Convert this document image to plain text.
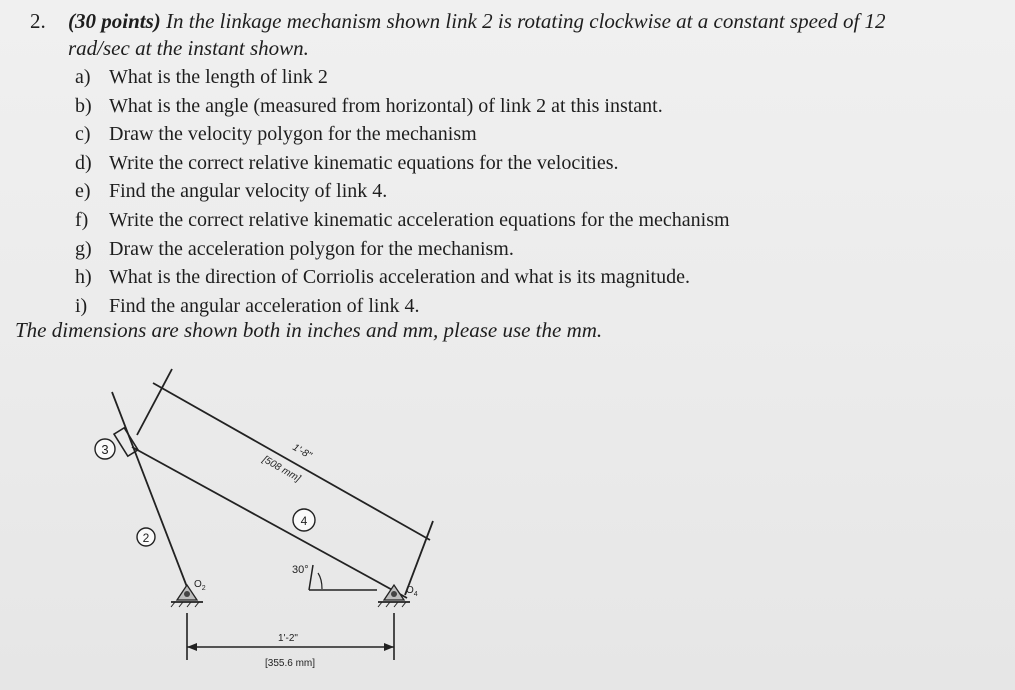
2. (30 points) In the linkage mechanism shown link 2 is rotating clockwise at a constant speed of 12
rad/sec at the instant shown.
a) What is the length of link 2
b) What is the angle (measured from horizontal) of link 2 at this instant.
c) Draw the velocity polygon for the mechanism
d) Write the correct relative kinematic equations for the velocities.
e) Find the angular velocity of link 4.
f) Write the correct relative kinematic acceleration equations for the mechanism
g) Draw the acceleration polygon for the mechanism.
h) What is the direction of Corriolis acceleration and what is its magnitude.
i) Find the angular acceleration of link 4.
The dimensions are shown both in inches and mm, please use the mm.
3
2
4
1'-8"
[508 mm]
30°
$O_2$	$O_4$
1'-2"
[355.6 mm]
